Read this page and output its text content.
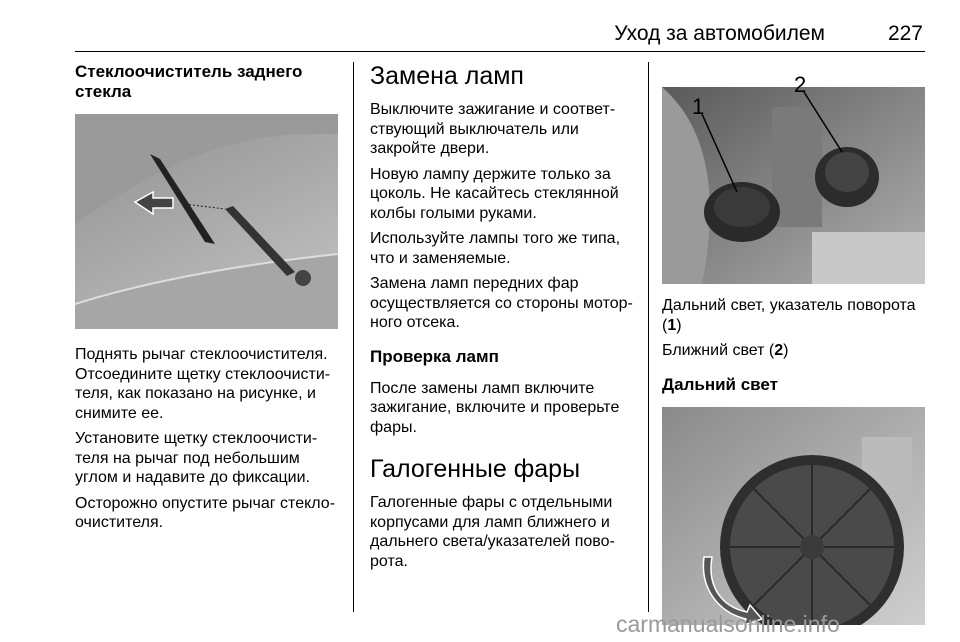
Уход за автомобилем	227
Стеклоочиститель заднего стекла

Поднять рычаг стеклоочистителя. Отсоедините щетку стеклоочисти-теля, как показано на рисунке, и снимите ее.

Установите щетку стеклоочисти-теля на рычаг под небольшим углом и надавите до фиксации.

Осторожно опустите рычаг стекло-очистителя.

Замена ламп

Выключите зажигание и соответ-ствующий выключатель или закройте двери.

Новую лампу держите только за цоколь. Не касайтесь стеклянной колбы голыми руками.

Используйте лампы того же типа, что и заменяемые.

Замена ламп передних фар осуществляется со стороны мотор-ного отсека.

Проверка ламп

После замены ламп включите зажигание, включите и проверьте фары.

Галогенные фары

Галогенные фары с отдельными корпусами для ламп ближнего и дальнего света/указателей пово-рота.

1
2

Дальний свет, указатель поворота (1)

Ближний свет (2)

Дальний свет
carmanualsonline.info
